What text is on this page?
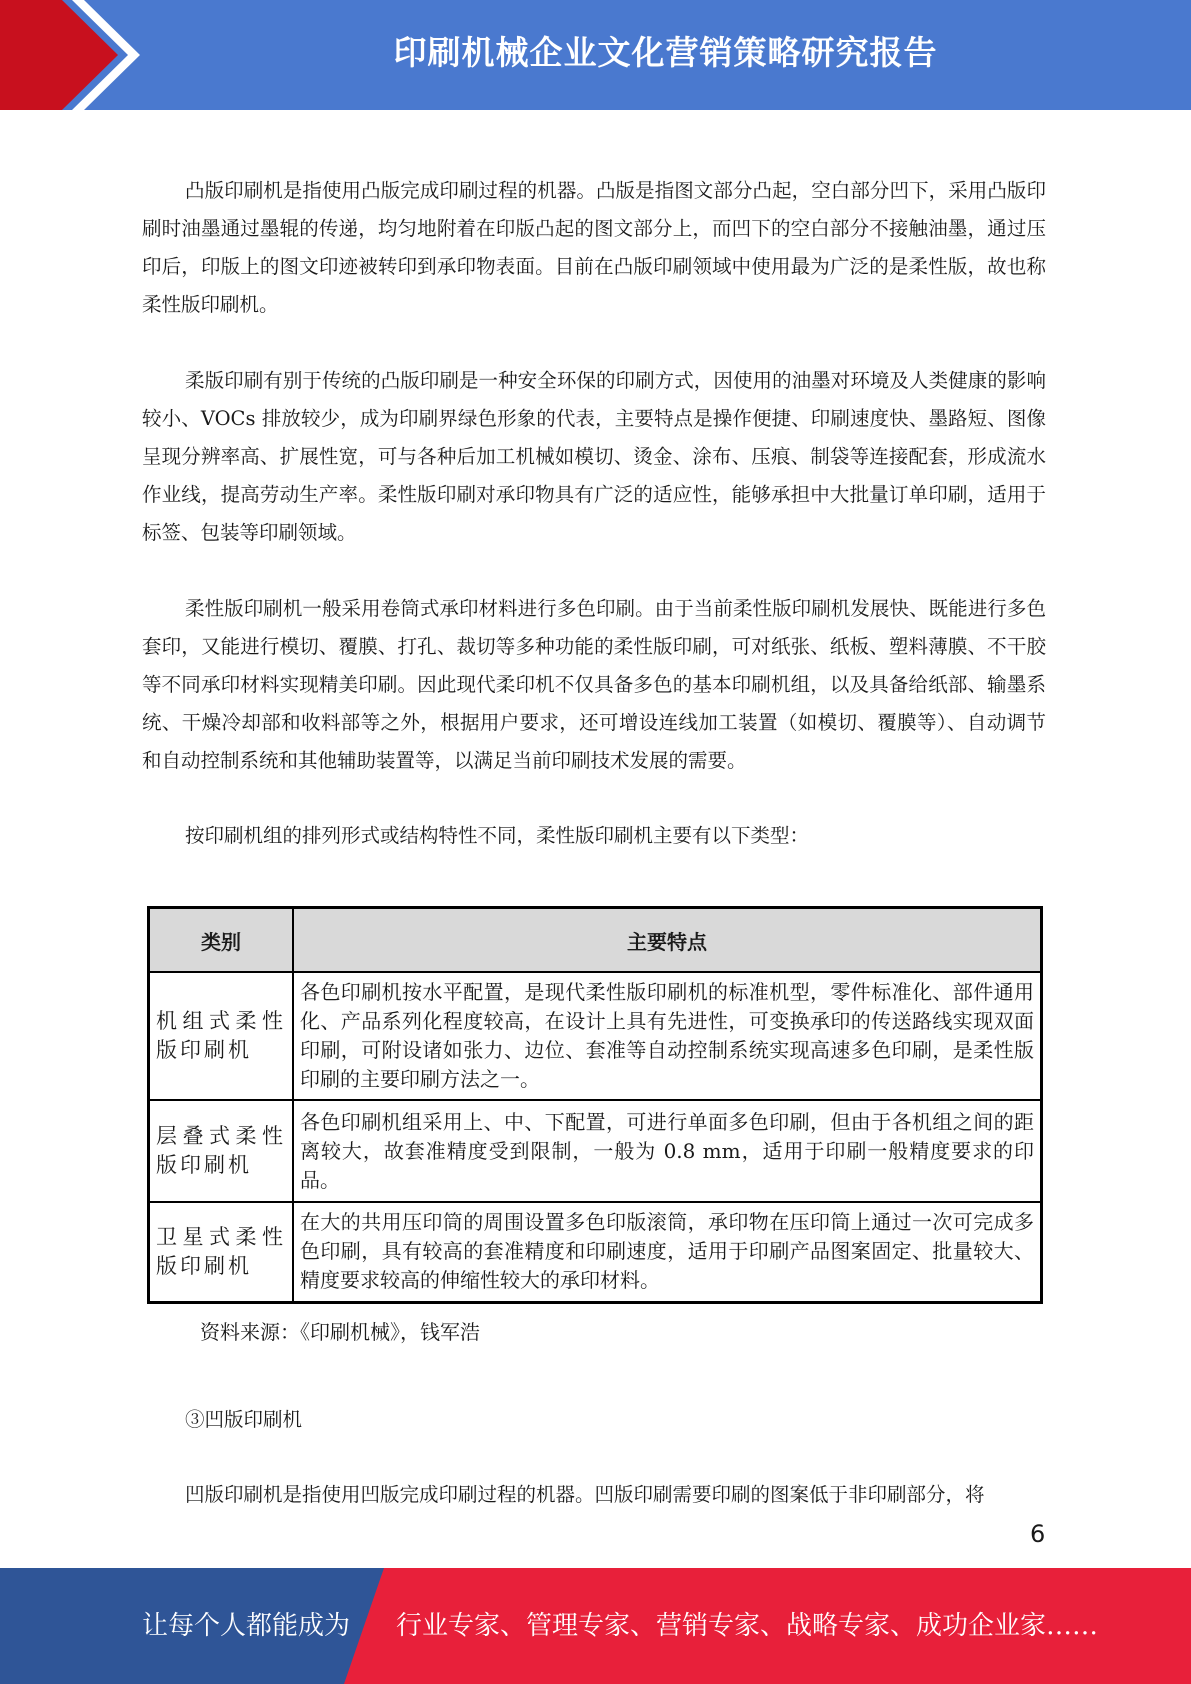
印刷机械企业文化营销策略研究报告

凸版印刷机是指使用凸版完成印刷过程的机器。凸版是指图文部分凸起，空白部分凹下，采用凸版印刷时油墨通过墨辊的传递，均匀地附着在印版凸起的图文部分上，而凹下的空白部分不接触油墨，通过压印后，印版上的图文印迹被转印到承印物表面。目前在凸版印刷领域中使用最为广泛的是柔性版，故也称柔性版印刷机。

柔版印刷有别于传统的凸版印刷是一种安全环保的印刷方式，因使用的油墨对环境及人类健康的影响较小、VOCs 排放较少，成为印刷界绿色形象的代表，主要特点是操作便捷、印刷速度快、墨路短、图像呈现分辨率高、扩展性宽，可与各种后加工机械如模切、烫金、涂布、压痕、制袋等连接配套，形成流水作业线，提高劳动生产率。柔性版印刷对承印物具有广泛的适应性，能够承担中大批量订单印刷，适用于标签、包装等印刷领域。

柔性版印刷机一般采用卷筒式承印材料进行多色印刷。由于当前柔性版印刷机发展快、既能进行多色套印，又能进行模切、覆膜、打孔、裁切等多种功能的柔性版印刷，可对纸张、纸板、塑料薄膜、不干胶等不同承印材料实现精美印刷。因此现代柔印机不仅具备多色的基本印刷机组，以及具备给纸部、输墨系统、干燥冷却部和收料部等之外，根据用户要求，还可增设连线加工装置（如模切、覆膜等）、自动调节和自动控制系统和其他辅助装置等，以满足当前印刷技术发展的需要。

按印刷机组的排列形式或结构特性不同，柔性版印刷机主要有以下类型：

类别	主要特点
机组式柔性版印刷机	各色印刷机按水平配置，是现代柔性版印刷机的标准机型，零件标准化、部件通用化、产品系列化程度较高，在设计上具有先进性，可变换承印的传送路线实现双面印刷，可附设诸如张力、边位、套准等自动控制系统实现高速多色印刷，是柔性版印刷的主要印刷方法之一。
层叠式柔性版印刷机	各色印刷机组采用上、中、下配置，可进行单面多色印刷，但由于各机组之间的距离较大，故套准精度受到限制，一般为 0.8 mm，适用于印刷一般精度要求的印品。
卫星式柔性版印刷机	在大的共用压印筒的周围设置多色印版滚筒，承印物在压印筒上通过一次可完成多色印刷，具有较高的套准精度和印刷速度，适用于印刷产品图案固定、批量较大、精度要求较高的伸缩性较大的承印材料。
资料来源：《印刷机械》，钱军浩
③凹版印刷机

凹版印刷机是指使用凹版完成印刷过程的机器。凹版印刷需要印刷的图案低于非印刷部分，将

6
让每个人都能成为 行业专家、管理专家、营销专家、战略专家、成功企业家……
